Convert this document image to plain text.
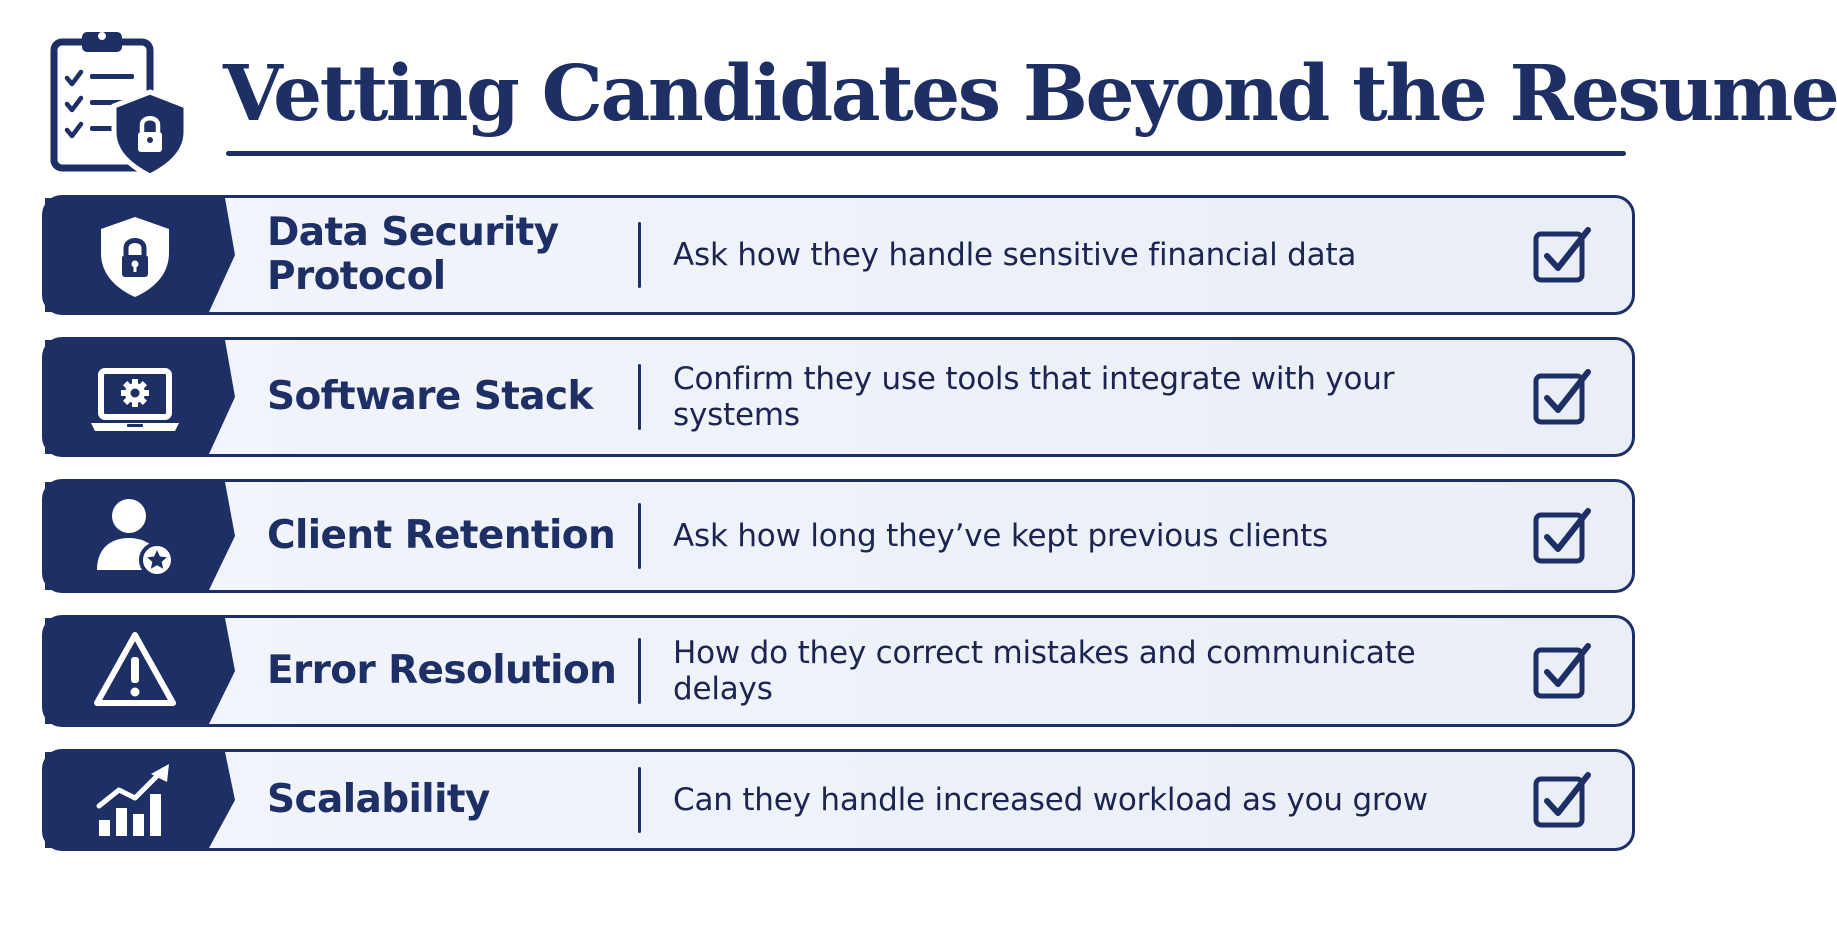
Vetting Candidates Beyond the Resume
Data Security Protocol	Ask how they handle sensitive financial data

Software Stack	Confirm they use tools that integrate with your systems

Client Retention	Ask how long they’ve kept previous clients

Error Resolution	How do they correct mistakes and communicate delays

Scalability	Can they handle increased workload as you grow
